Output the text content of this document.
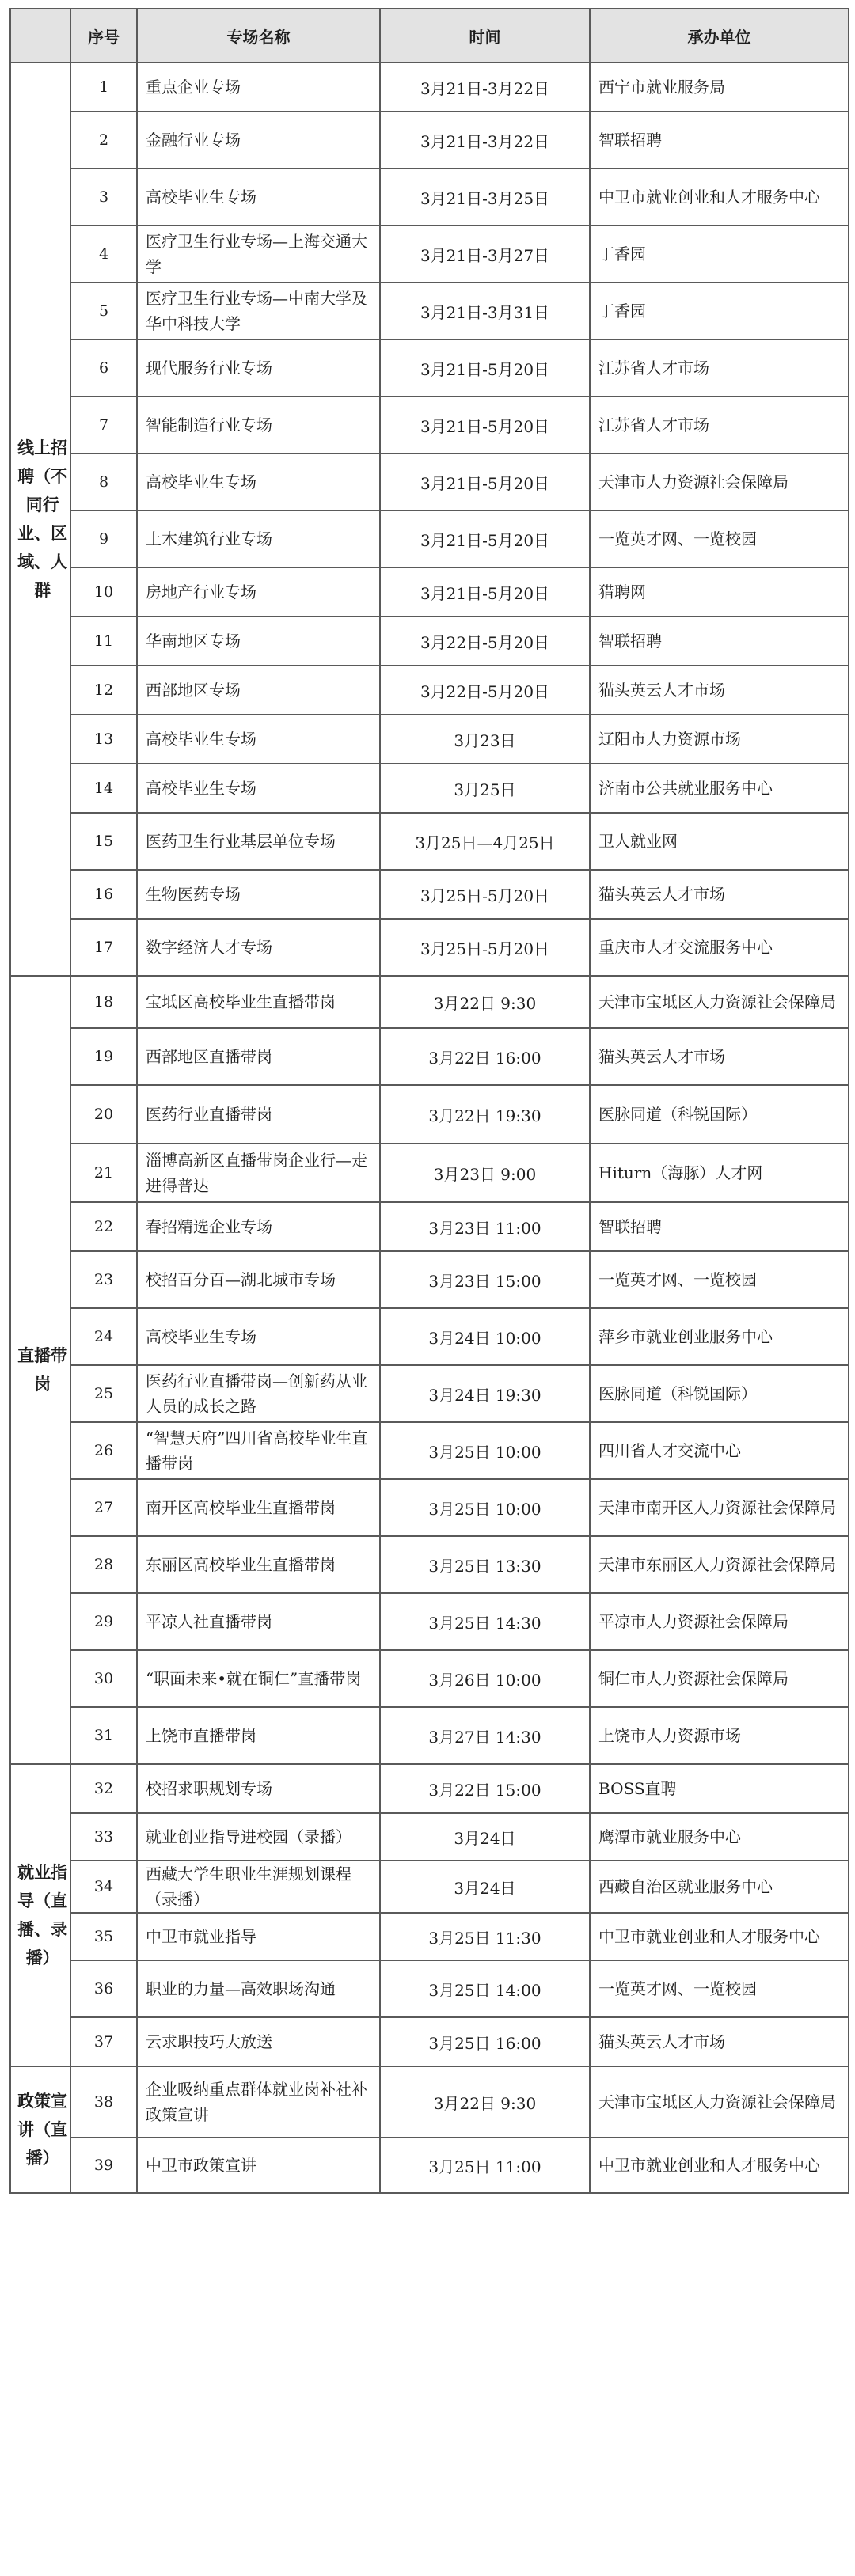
	序号	专场名称	时间	承办单位
线上招聘（不同行业、区域、人群	1	重点企业专场	3月21日-3月22日	西宁市就业服务局
	2	金融行业专场	3月21日-3月22日	智联招聘
	3	高校毕业生专场	3月21日-3月25日	中卫市就业创业和人才服务中心
	4	医疗卫生行业专场—上海交通大学	3月21日-3月27日	丁香园
	5	医疗卫生行业专场—中南大学及华中科技大学	3月21日-3月31日	丁香园
	6	现代服务行业专场	3月21日-5月20日	江苏省人才市场
	7	智能制造行业专场	3月21日-5月20日	江苏省人才市场
	8	高校毕业生专场	3月21日-5月20日	天津市人力资源社会保障局
	9	土木建筑行业专场	3月21日-5月20日	一览英才网、一览校园
	10	房地产行业专场	3月21日-5月20日	猎聘网
	11	华南地区专场	3月22日-5月20日	智联招聘
	12	西部地区专场	3月22日-5月20日	猫头英云人才市场
	13	高校毕业生专场	3月23日	辽阳市人力资源市场
	14	高校毕业生专场	3月25日	济南市公共就业服务中心
	15	医药卫生行业基层单位专场	3月25日—4月25日	卫人就业网
	16	生物医药专场	3月25日-5月20日	猫头英云人才市场
	17	数字经济人才专场	3月25日-5月20日	重庆市人才交流服务中心
直播带岗	18	宝坻区高校毕业生直播带岗	3月22日 9:30	天津市宝坻区人力资源社会保障局
	19	西部地区直播带岗	3月22日 16:00	猫头英云人才市场
	20	医药行业直播带岗	3月22日 19:30	医脉同道（科锐国际）
	21	淄博高新区直播带岗企业行—走进得普达	3月23日 9:00	Hiturn（海豚）人才网
	22	春招精选企业专场	3月23日 11:00	智联招聘
	23	校招百分百—湖北城市专场	3月23日 15:00	一览英才网、一览校园
	24	高校毕业生专场	3月24日 10:00	萍乡市就业创业服务中心
	25	医药行业直播带岗—创新药从业人员的成长之路	3月24日 19:30	医脉同道（科锐国际）
	26	“智慧天府”四川省高校毕业生直播带岗	3月25日 10:00	四川省人才交流中心
	27	南开区高校毕业生直播带岗	3月25日 10:00	天津市南开区人力资源社会保障局
	28	东丽区高校毕业生直播带岗	3月25日 13:30	天津市东丽区人力资源社会保障局
	29	平凉人社直播带岗	3月25日 14:30	平凉市人力资源社会保障局
	30	“职面未来•就在铜仁”直播带岗	3月26日 10:00	铜仁市人力资源社会保障局
	31	上饶市直播带岗	3月27日 14:30	上饶市人力资源市场
就业指导（直播、录播）	32	校招求职规划专场	3月22日 15:00	BOSS直聘
	33	就业创业指导进校园（录播）	3月24日	鹰潭市就业服务中心
	34	西藏大学生职业生涯规划课程（录播）	3月24日	西藏自治区就业服务中心
	35	中卫市就业指导	3月25日 11:30	中卫市就业创业和人才服务中心
	36	职业的力量—高效职场沟通	3月25日 14:00	一览英才网、一览校园
	37	云求职技巧大放送	3月25日 16:00	猫头英云人才市场
政策宣讲（直播）	38	企业吸纳重点群体就业岗补社补政策宣讲	3月22日 9:30	天津市宝坻区人力资源社会保障局
	39	中卫市政策宣讲	3月25日 11:00	中卫市就业创业和人才服务中心
